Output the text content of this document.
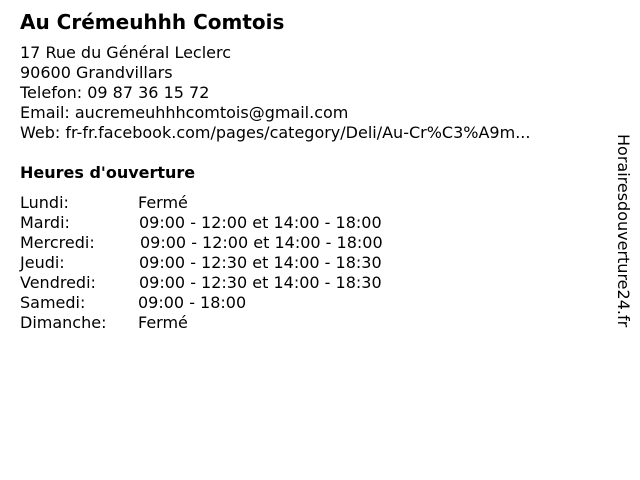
Au Crémeuhhh Comtois
17 Rue du Général Leclerc
90600 Grandvillars
Telefon: 09 87 36 15 72
Email: aucremeuhhhcomtois@gmail.com
Web: fr-fr.facebook.com/pages/category/Deli/Au-Cr%C3%A9m...
Heures d'ouverture
Lundi:	Fermé
Mardi:	09:00 - 12:00 et 14:00 - 18:00
Mercredi:	09:00 - 12:00 et 14:00 - 18:00
Jeudi:	09:00 - 12:30 et 14:00 - 18:30
Vendredi:	09:00 - 12:30 et 14:00 - 18:30
Samedi:	09:00 - 18:00
Dimanche: Fermé	Horairesdouverture24.fr
